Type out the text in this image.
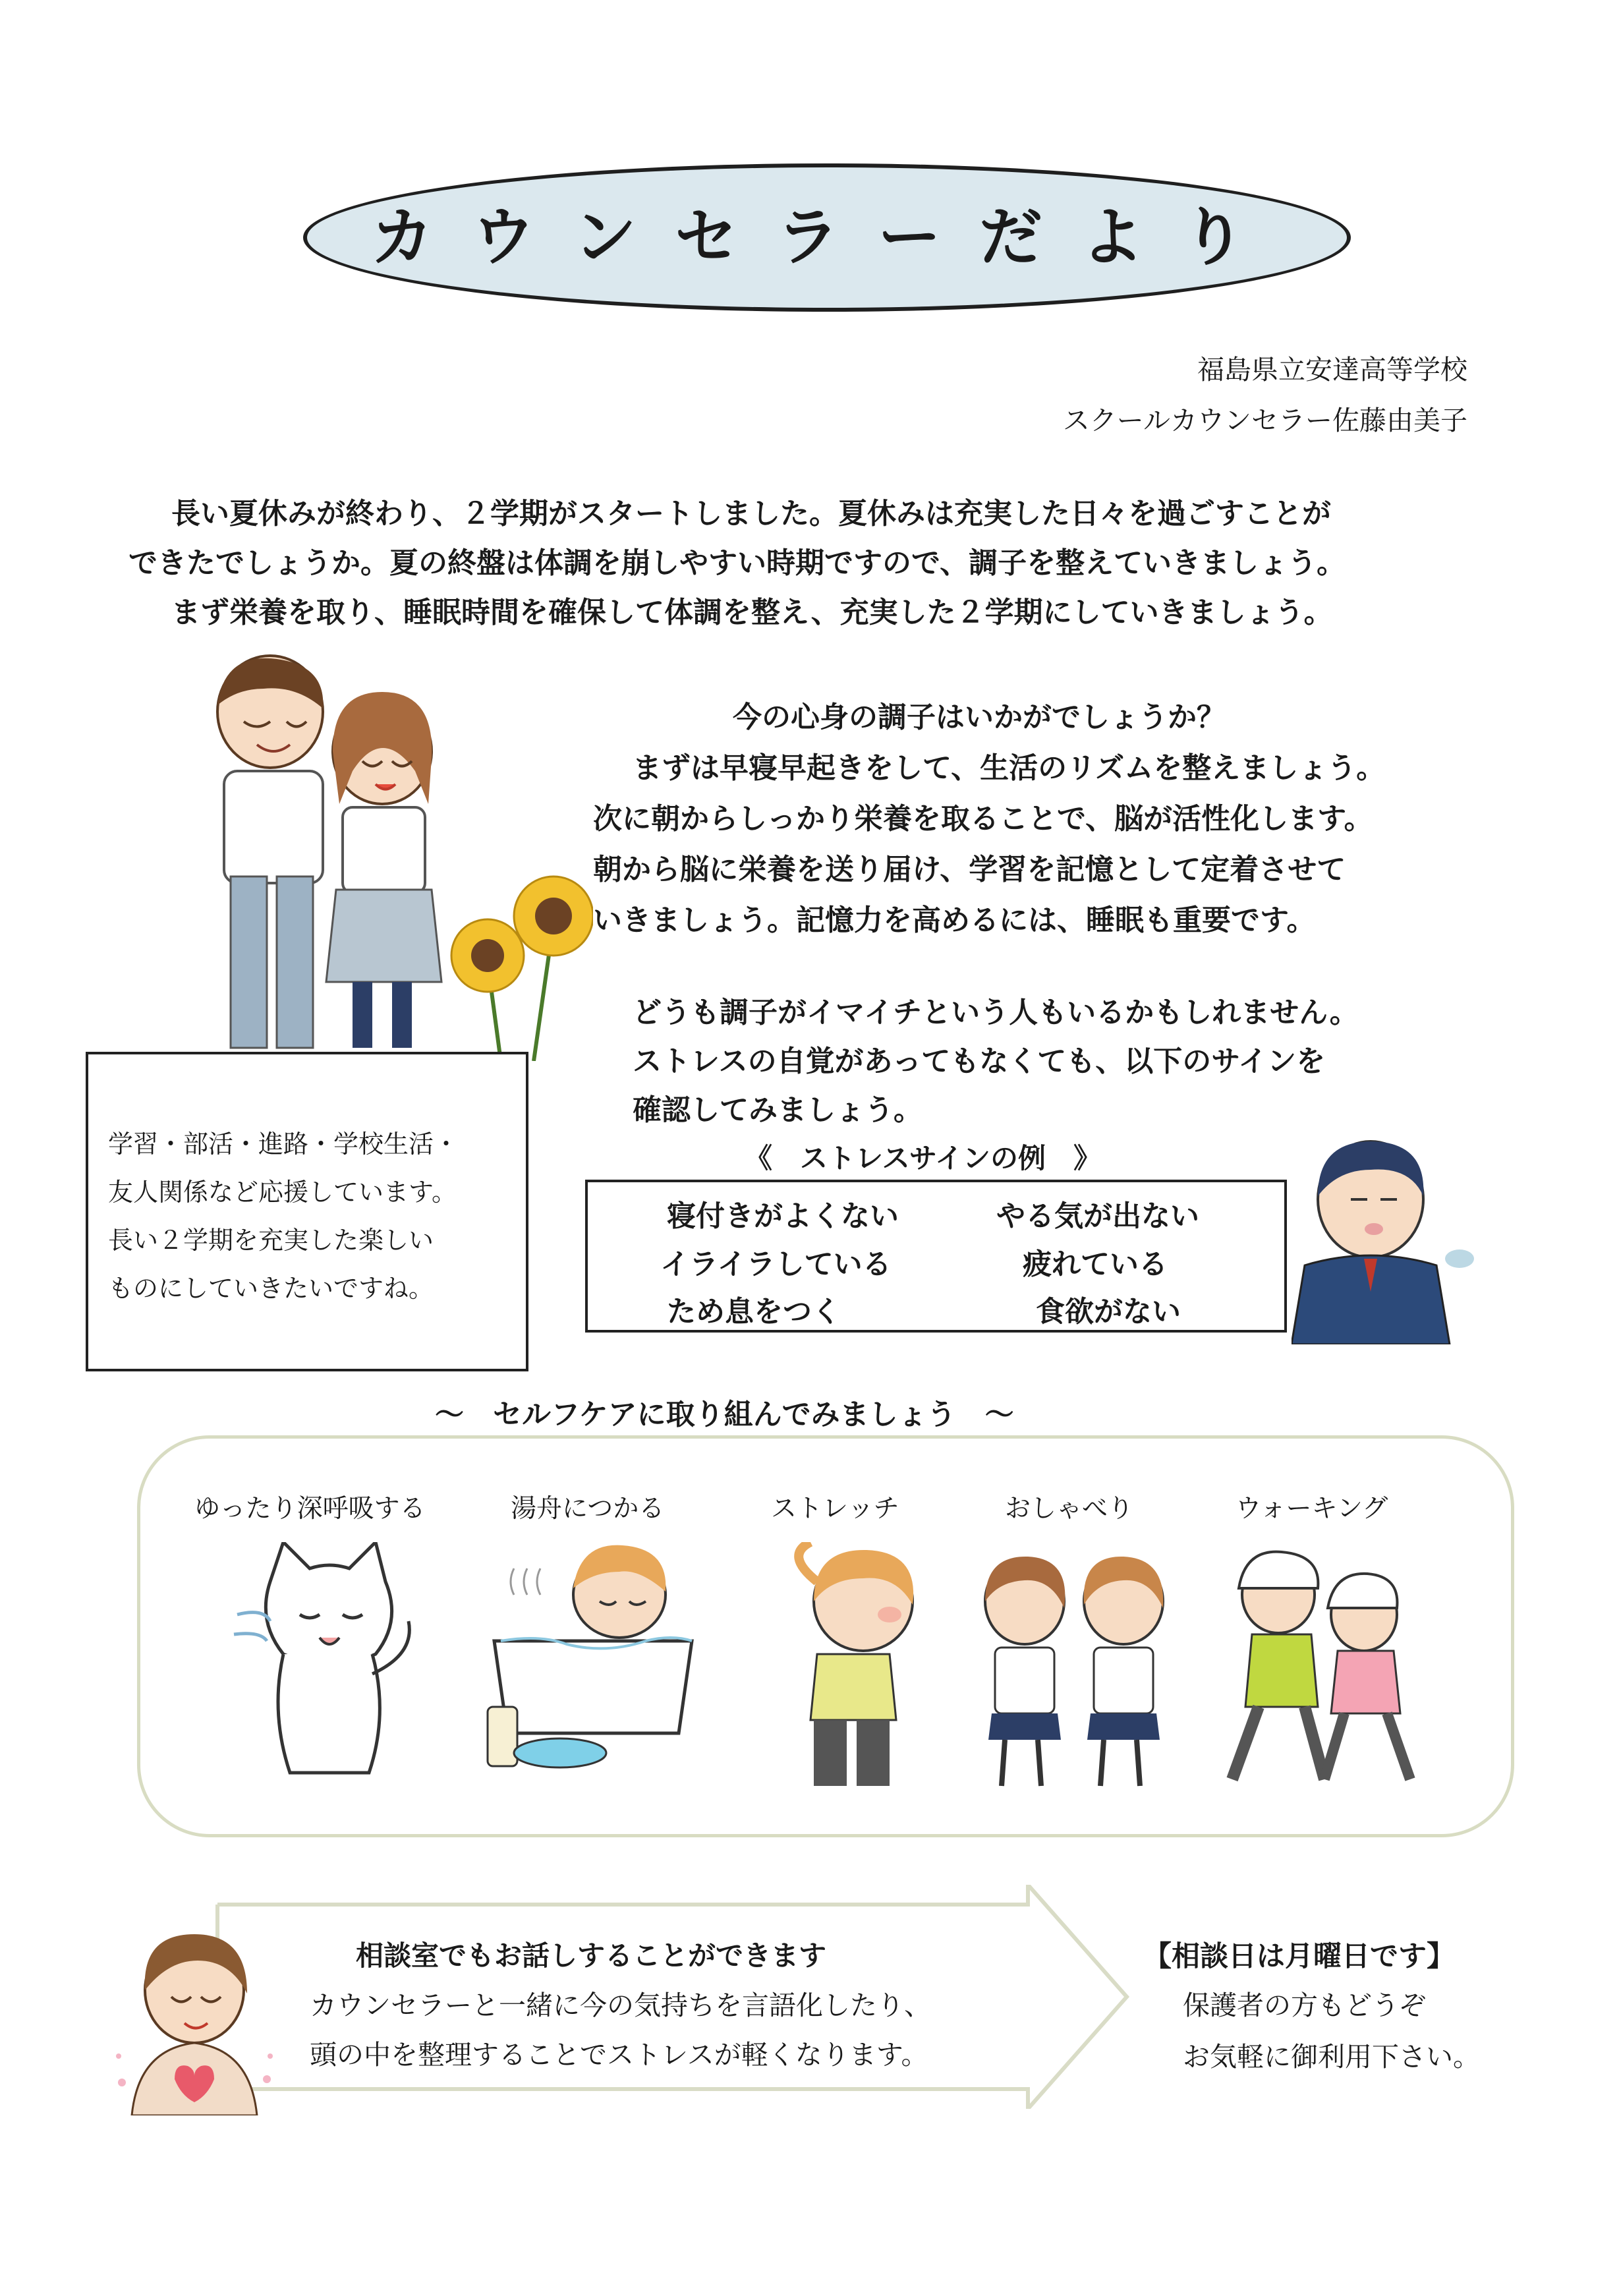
カウンセラーだより
福島県立安達高等学校
スクールカウンセラー佐藤由美子
長い夏休みが終わり、２学期がスタートしました。夏休みは充実した日々を過ごすことが
できたでしょうか。夏の終盤は体調を崩しやすい時期ですので、調子を整えていきましょう。
まず栄養を取り、睡眠時間を確保して体調を整え、充実した２学期にしていきましょう。
今の心身の調子はいかがでしょうか？
まずは早寝早起きをして、生活のリズムを整えましょう。
次に朝からしっかり栄養を取ることで、脳が活性化します。
朝から脳に栄養を送り届け、学習を記憶として定着させて
いきましょう。記憶力を高めるには、睡眠も重要です。
どうも調子がイマイチという人もいるかもしれません。
ストレスの自覚があってもなくても、以下のサインを
確認してみましょう。
学習・部活・進路・学校生活・
友人関係など応援しています。
長い２学期を充実した楽しい
ものにしていきたいですね。
《　ストレスサインの例　》
寝付きがよくない	やる気が出ない
イライラしている	疲れている
ため息をつく	食欲がない
～　セルフケアに取り組んでみましょう　～
ゆったり深呼吸する	湯舟につかる	ストレッチ	おしゃべり	ウォーキング
相談室でもお話しすることができます
カウンセラーと一緒に今の気持ちを言語化したり、
頭の中を整理することでストレスが軽くなります。
【相談日は月曜日です】
保護者の方もどうぞ
お気軽に御利用下さい。
